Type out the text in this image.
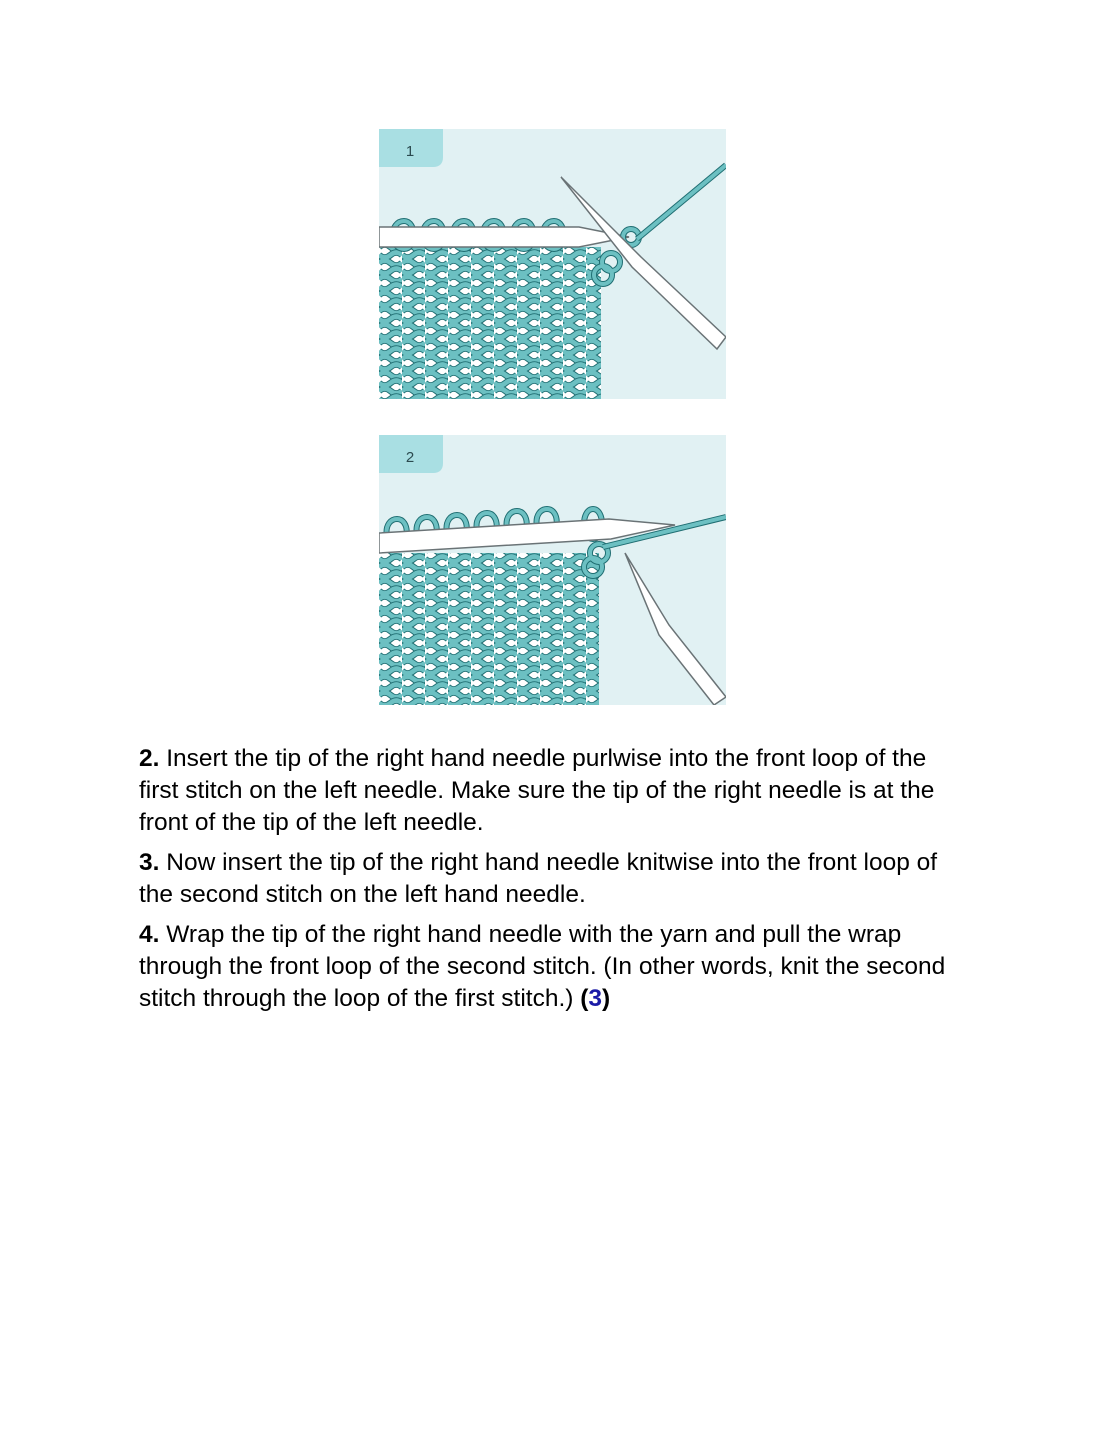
1
2

2. Insert the tip of the right hand needle purlwise into the front loop of the first stitch on the left needle. Make sure the tip of the right needle is at the front of the tip of the left needle.

3. Now insert the tip of the right hand needle knitwise into the front loop of the second stitch on the left hand needle.

4. Wrap the tip of the right hand needle with the yarn and pull the wrap through the front loop of the second stitch. (In other words, knit the second stitch through the loop of the first stitch.) (3)
